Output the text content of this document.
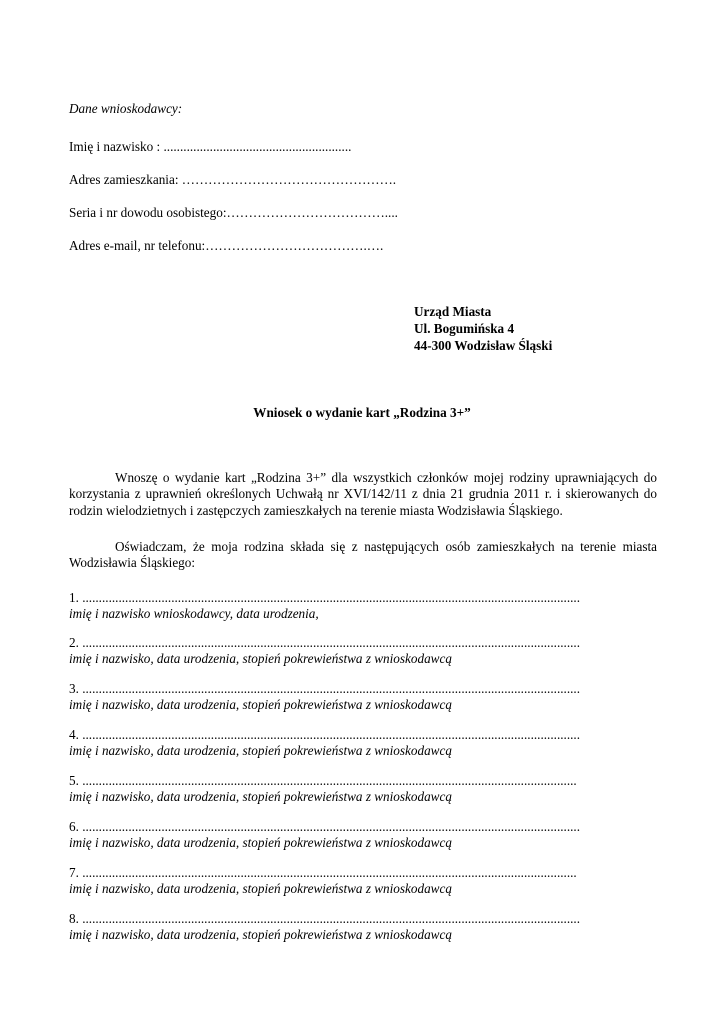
Dane wnioskodawcy:
Imię i nazwisko : .........................................................
Adres zamieszkania: ………………………………………….
Seria i nr dowodu osobistego:………………………………....
Adres e-mail, nr telefonu:……………………………….….
Urząd Miasta
Ul. Bogumińska 4
44-300 Wodzisław Śląski
Wniosek o wydanie kart „Rodzina 3+”
Wnoszę o wydanie kart „Rodzina 3+” dla wszystkich członków mojej rodziny uprawniających do korzystania z uprawnień określonych Uchwałą nr XVI/142/11 z dnia 21 grudnia 2011 r. i skierowanych do rodzin wielodzietnych i zastępczych zamieszkałych na terenie miasta Wodzisławia Śląskiego.
Oświadczam, że moja rodzina składa się z następujących osób zamieszkałych na terenie miasta Wodzisławia Śląskiego:
1. .......................................................................................................................................................
imię i nazwisko wnioskodawcy, data urodzenia,
2. .......................................................................................................................................................
imię i nazwisko, data urodzenia, stopień pokrewieństwa z wnioskodawcą
3. .......................................................................................................................................................
imię i nazwisko, data urodzenia, stopień pokrewieństwa z wnioskodawcą
4. .......................................................................................................................................................
imię i nazwisko, data urodzenia, stopień pokrewieństwa z wnioskodawcą
5. ......................................................................................................................................................
imię i nazwisko, data urodzenia, stopień pokrewieństwa z wnioskodawcą
6. .......................................................................................................................................................
imię i nazwisko, data urodzenia, stopień pokrewieństwa z wnioskodawcą
7. ......................................................................................................................................................
imię i nazwisko, data urodzenia, stopień pokrewieństwa z wnioskodawcą
8. .......................................................................................................................................................
imię i nazwisko, data urodzenia, stopień pokrewieństwa z wnioskodawcą
